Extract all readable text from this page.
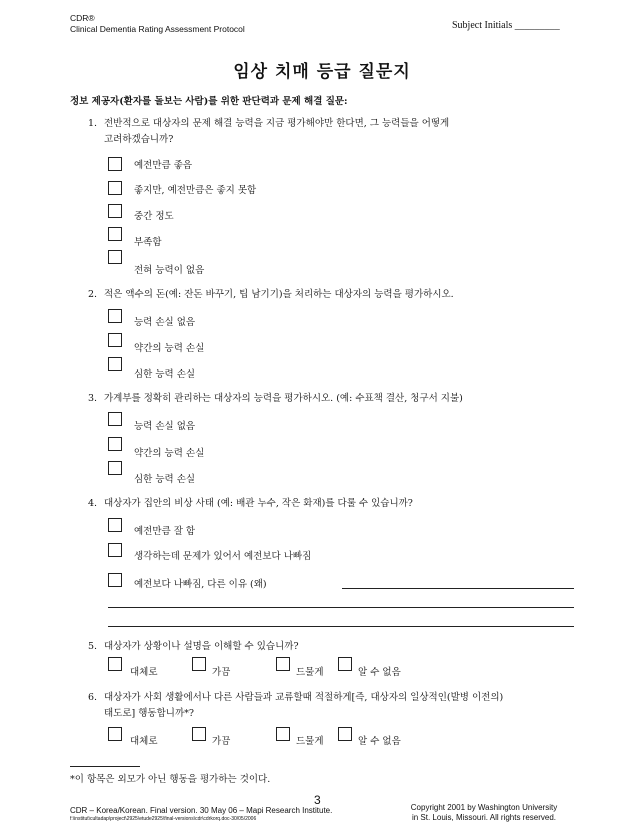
CDR®
Clinical Dementia Rating Assessment Protocol	Subject Initials _________
임상 치매 등급 질문지
정보 제공자(환자를 돌보는 사람)를 위한 판단력과 문제 해결 질문:
1. 전반적으로 대상자의 문제 해결 능력을 지금 평가해야만 한다면, 그 능력들을 어떻게
고려하겠습니까?
예전만큼 좋음
좋지만, 예전만큼은 좋지 못함
중간 정도
부족함
전혀 능력이 없음
2. 적은 액수의 돈(예: 잔돈 바꾸기, 팁 남기기)을 처리하는 대상자의 능력을 평가하시오.
능력 손실 없음
약간의 능력 손실
심한 능력 손실
3. 가계부를 정확히 관리하는 대상자의 능력을 평가하시오. (예: 수표책 결산, 청구서 지불)
능력 손실 없음
약간의 능력 손실
심한 능력 손실
4. 대상자가 집안의 비상 사태 (예: 배관 누수, 작은 화재)를 다룰 수 있습니까?
예전만큼 잘 함
생각하는데 문제가 있어서 예전보다 나빠짐
예전보다 나빠짐, 다른 이유 (왜)
5. 대상자가 상황이나 설명을 이해할 수 있습니까?
대체로	가끔	드물게	알 수 없음
6. 대상자가 사회 생활에서나 다른 사람들과 교류할때 적절하게[즉, 대상자의 일상적인(발병 이전의)
태도로] 행동합니까*?
대체로	가끔	드물게	알 수 없음
*이 항목은 외모가 아닌 행동을 평가하는 것이다.
3
CDR – Korea/Korean. Final version. 30 May 06 – Mapi Research Institute.
f:\institut\cultadap\project\2925\etude2925\final-versions\cdr\cdrkorq.doc-30/05/2006
Copyright 2001 by Washington University
in St. Louis, Missouri. All rights reserved.
